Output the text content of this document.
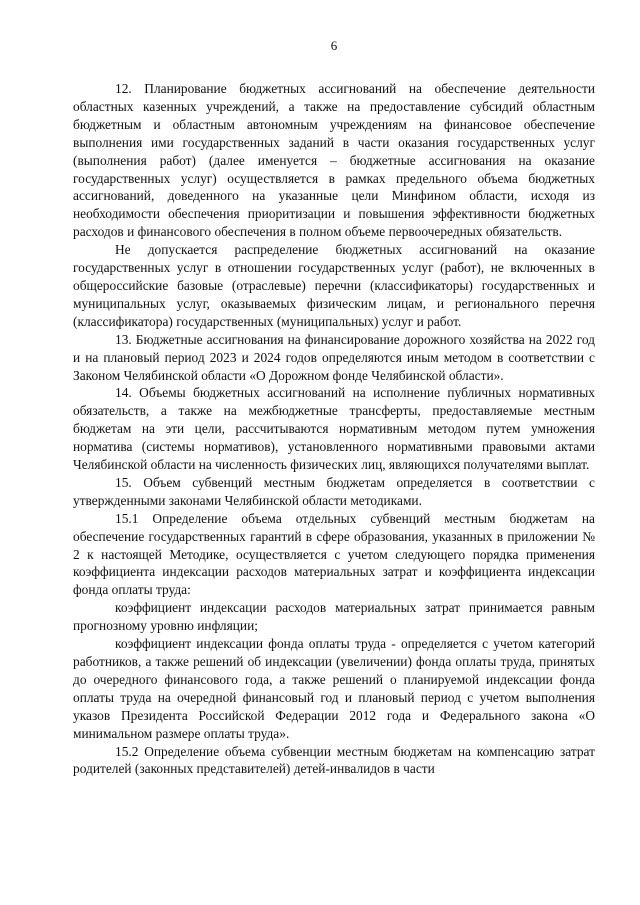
6

12. Планирование бюджетных ассигнований на обеспечение деятельности областных казенных учреждений, а также на предоставление субсидий областным бюджетным и областным автономным учреждениям на финансовое обеспечение выполнения ими государственных заданий в части оказания государственных услуг (выполнения работ) (далее именуется – бюджетные ассигнования на оказание государственных услуг) осуществляется в рамках предельного объема бюджетных ассигнований, доведенного на указанные цели Минфином области, исходя из необходимости обеспечения приоритизации и повышения эффективности бюджетных расходов и финансового обеспечения в полном объеме первоочередных обязательств.

Не допускается распределение бюджетных ассигнований на оказание государственных услуг в отношении государственных услуг (работ), не включенных в общероссийские базовые (отраслевые) перечни (классификаторы) государственных и муниципальных услуг, оказываемых физическим лицам, и регионального перечня (классификатора) государственных (муниципальных) услуг и работ.

13. Бюджетные ассигнования на финансирование дорожного хозяйства на 2022 год и на плановый период 2023 и 2024 годов определяются иным методом в соответствии с Законом Челябинской области «О Дорожном фонде Челябинской области».

14. Объемы бюджетных ассигнований на исполнение публичных нормативных обязательств, а также на межбюджетные трансферты, предоставляемые местным бюджетам на эти цели, рассчитываются нормативным методом путем умножения норматива (системы нормативов), установленного нормативными правовыми актами Челябинской области на численность физических лиц, являющихся получателями выплат.

15. Объем субвенций местным бюджетам определяется в соответствии с утвержденными законами Челябинской области методиками.

15.1 Определение объема отдельных субвенций местным бюджетам на обеспечение государственных гарантий в сфере образования, указанных в приложении № 2 к настоящей Методике, осуществляется с учетом следующего порядка применения коэффициента индексации расходов материальных затрат и коэффициента индексации фонда оплаты труда:

коэффициент индексации расходов материальных затрат принимается равным прогнозному уровню инфляции;

коэффициент индексации фонда оплаты труда - определяется с учетом категорий работников, а также решений об индексации (увеличении) фонда оплаты труда, принятых до очередного финансового года, а также решений о планируемой индексации фонда оплаты труда на очередной финансовый год и плановый период с учетом выполнения указов Президента Российской Федерации 2012 года и Федерального закона «О минимальном размере оплаты труда».

15.2 Определение объема субвенции местным бюджетам на компенсацию затрат родителей (законных представителей) детей-инвалидов в части
